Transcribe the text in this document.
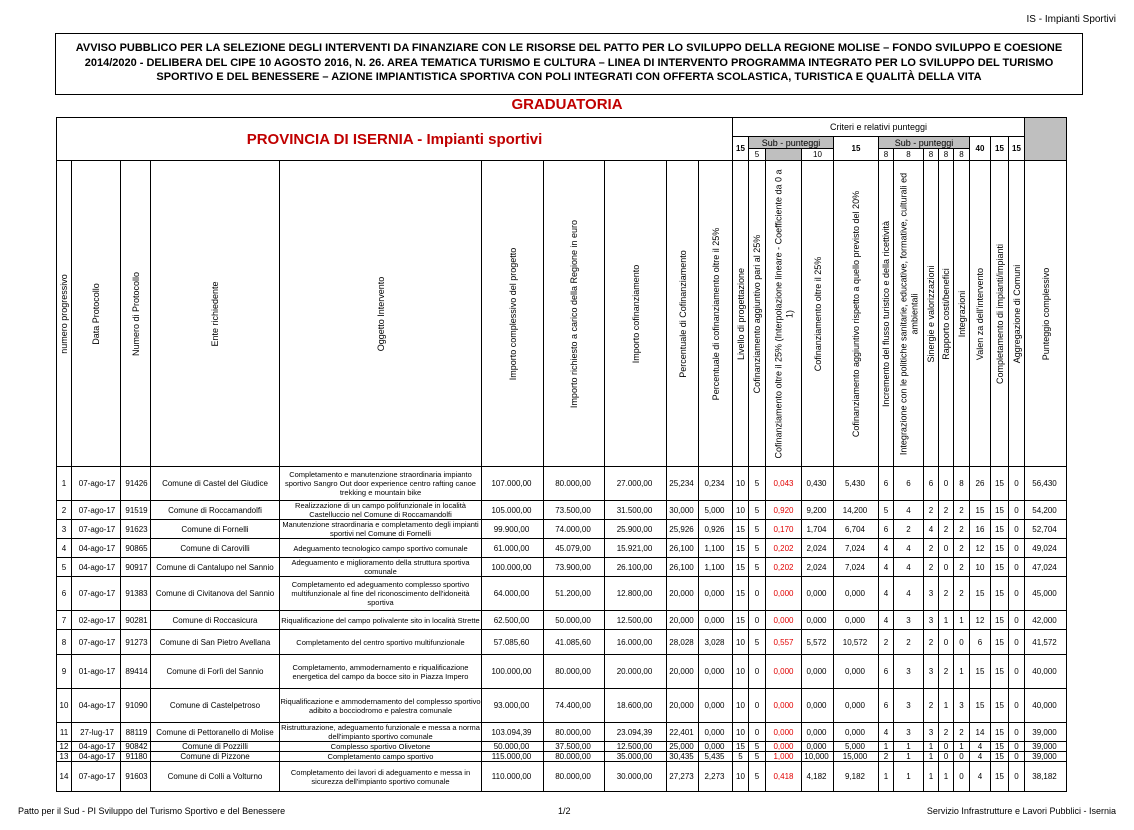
IS - Impianti Sportivi
AVVISO PUBBLICO PER LA SELEZIONE DEGLI INTERVENTI DA FINANZIARE CON LE RISORSE DEL PATTO PER LO SVILUPPO DELLA REGIONE MOLISE – FONDO SVILUPPO E COESIONE 2014/2020 - DELIBERA DEL CIPE 10 AGOSTO 2016, N. 26. AREA TEMATICA TURISMO E CULTURA – LINEA DI INTERVENTO PROGRAMMA INTEGRATO PER LO SVILUPPO DEL TURISMO SPORTIVO E DEL BENESSERE – AZIONE IMPIANTISTICA SPORTIVA CON POLI INTEGRATI CON OFFERTA SCOLASTICA, TURISTICA E QUALITÀ DELLA VITA
GRADUATORIA
PROVINCIA DI ISERNIA - Impianti sportivi										Criteri e relativi punteggi													
										15	Sub - punteggi			15	Sub - punteggi					40	15	15	
											5		10		8	8	8	8	8				

numero progressivo	Data Protocollo	Numero di Protocollo	Ente richiedente	Oggetto Intervento	Importo complessivo del progetto	Importo richiesto a carico della Regione in euro	Importo cofinanziamento	Percentuale di Cofinanziamento	Percentuale di cofinanziamento oltre il 25%	Livello di progettazione	Cofinanziamento aggiuntivo pari al 25%	Cofinanziamento oltre il 25% (Interpolazione lineare - Coefficiente da 0 a 1)	Cofinanziamento oltre il 25%	Cofinanziamento aggiuntivo rispetto a quello previsto del 20%	Incremento del flusso turistico e della ricettività	Integrazione con le politiche sanitarie, educative, formative, culturali ed ambientali	Sinergie e valorizzazioni	Rapporto costi/benefici	Integrazioni	Valen za dell'intervento	Completamento di impianti/impianti	Aggregazione di Comuni	Punteggio complessivo

1	07-ago-17	91426	Comune di Castel del Giudice	Completamento e manutenzione straordinaria impianto sportivo Sangro Out door experience centro rafting canoe trekking e mountain bike	107.000,00	80.000,00	27.000,00	25,234	0,234	10	5	0,043	0,430	5,430	6	6	6	0	8	26	15	0	56,430
2	07-ago-17	91519	Comune di Roccamandolfi	Realizzazione di un campo polifunzionale in località Castelluccio nel Comune di Roccamandolfi	105.000,00	73.500,00	31.500,00	30,000	5,000	10	5	0,920	9,200	14,200	5	4	2	2	2	15	15	0	54,200
3	07-ago-17	91623	Comune di Fornelli	Manutenzione straordinaria e completamento degli impianti sportivi nel Comune di Fornelli	99.900,00	74.000,00	25.900,00	25,926	0,926	15	5	0,170	1,704	6,704	6	2	4	2	2	16	15	0	52,704
4	04-ago-17	90865	Comune di Carovilli	Adeguamento tecnologico campo sportivo comunale	61.000,00	45.079,00	15.921,00	26,100	1,100	15	5	0,202	2,024	7,024	4	4	2	0	2	12	15	0	49,024
5	04-ago-17	90917	Comune di Cantalupo nel Sannio	Adeguamento e miglioramento della struttura sportiva comunale	100.000,00	73.900,00	26.100,00	26,100	1,100	15	5	0,202	2,024	7,024	4	4	2	0	2	10	15	0	47,024
6	07-ago-17	91383	Comune di Civitanova del Sannio	Completamento ed adeguamento complesso sportivo multifunzionale al fine del riconoscimento dell'idoneità sportiva	64.000,00	51.200,00	12.800,00	20,000	0,000	15	0	0,000	0,000	0,000	4	4	3	2	2	15	15	0	45,000
7	02-ago-17	90281	Comune di Roccasicura	Riqualificazione del campo polivalente sito in località Strette	62.500,00	50.000,00	12.500,00	20,000	0,000	15	0	0,000	0,000	0,000	4	3	3	1	1	12	15	0	42,000
8	07-ago-17	91273	Comune di San Pietro Avellana	Completamento del centro sportivo multifunzionale	57.085,60	41.085,60	16.000,00	28,028	3,028	10	5	0,557	5,572	10,572	2	2	2	0	0	6	15	0	41,572
9	01-ago-17	89414	Comune di Forlì del Sannio	Completamento, ammodernamento e riqualificazione energetica del campo da bocce sito in Piazza Impero	100.000,00	80.000,00	20.000,00	20,000	0,000	10	0	0,000	0,000	0,000	6	3	3	2	1	15	15	0	40,000
10	04-ago-17	91090	Comune di Castelpetroso	Riqualificazione e ammodernamento del complesso sportivo adibito a bocciodromo e palestra comunale	93.000,00	74.400,00	18.600,00	20,000	0,000	10	0	0,000	0,000	0,000	6	3	2	1	3	15	15	0	40,000
11	27-lug-17	88119	Comune di Pettoranello di Molise	Ristrutturazione, adeguamento funzionale e messa a norma dell'impianto sportivo comunale	103.094,39	80.000,00	23.094,39	22,401	0,000	10	0	0,000	0,000	0,000	4	3	3	2	2	14	15	0	39,000
12	04-ago-17	90842	Comune di Pozzilli	Complesso sportivo Olivetone	50.000,00	37.500,00	12.500,00	25,000	0,000	15	5	0,000	0,000	5,000	1	1	1	0	1	4	15	0	39,000
13	04-ago-17	91180	Comune di Pizzone	Completamento campo sportivo	115.000,00	80.000,00	35.000,00	30,435	5,435	5	5	1,000	10,000	15,000	2	1	1	0	0	4	15	0	39,000
14	07-ago-17	91603	Comune di Colli a Volturno	Completamento dei lavori di adeguamento e messa in sicurezza dell'impianto sportivo comunale	110.000,00	80.000,00	30.000,00	27,273	2,273	10	5	0,418	4,182	9,182	1	1	1	1	0	4	15	0	38,182
Patto per il Sud - PI Sviluppo del Turismo Sportivo e del Benessere	1/2	Servizio Infrastrutture e Lavori Pubblici - Isernia
